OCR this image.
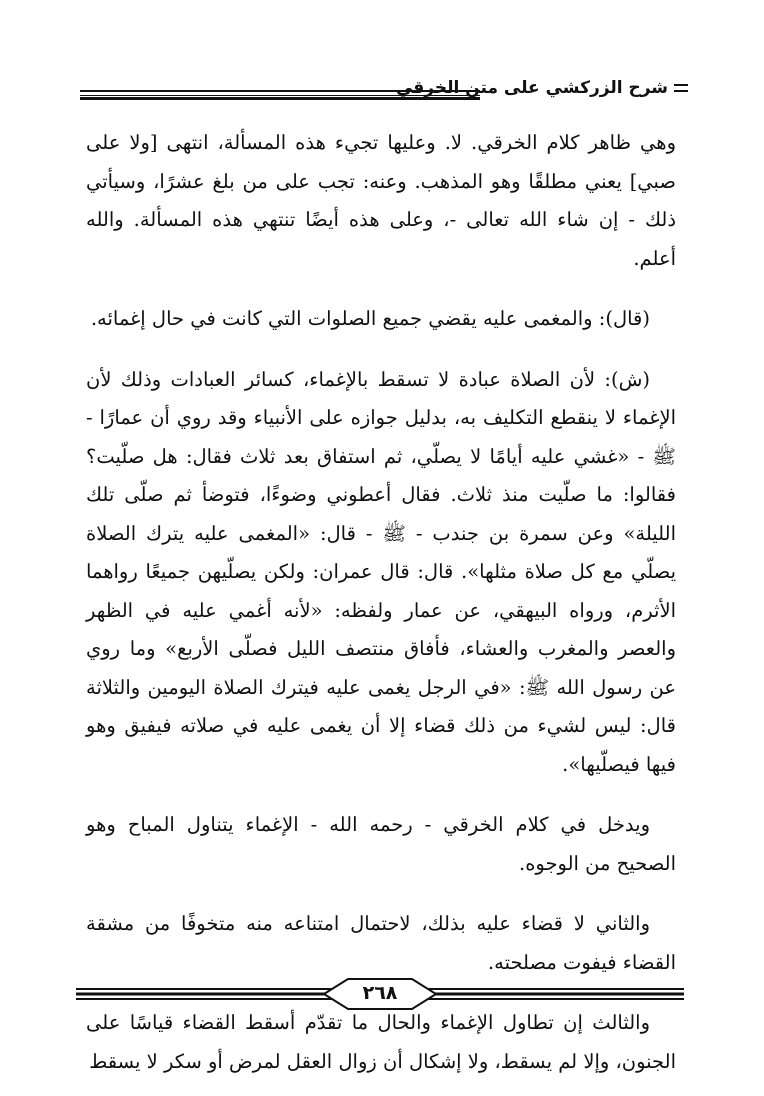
شرح الزركشي على متن الخرقي

وهي ظاهر كلام الخرقي. لا. وعليها تجيء هذه المسألة، انتهى [ولا على صبي] يعني مطلقًا وهو المذهب. وعنه: تجب على من بلغ عشرًا، وسيأتي ذلك - إن شاء الله تعالى -، وعلى هذه أيضًا تنتهي هذه المسألة. والله أعلم.

(قال): والمغمى عليه يقضي جميع الصلوات التي كانت في حال إغمائه.

(ش): لأن الصلاة عبادة لا تسقط بالإغماء، كسائر العبادات وذلك لأن الإغماء لا ينقطع التكليف به، بدليل جوازه على الأنبياء وقد روي أن عمارًا - ﷺ - «غشي عليه أيامًا لا يصلّي، ثم استفاق بعد ثلاث فقال: هل صلّيت؟ فقالوا: ما صلّيت منذ ثلاث. فقال أعطوني وضوءًا، فتوضأ ثم صلّى تلك الليلة» وعن سمرة بن جندب - ﷺ - قال: «المغمى عليه يترك الصلاة يصلّي مع كل صلاة مثلها». قال: قال عمران: ولكن يصلّيهن جميعًا رواهما الأثرم، ورواه البيهقي، عن عمار ولفظه: «لأنه أغمي عليه في الظهر والعصر والمغرب والعشاء، فأفاق منتصف الليل فصلّى الأربع» وما روي عن رسول الله ﷺ: «في الرجل يغمى عليه فيترك الصلاة اليومين والثلاثة قال: ليس لشيء من ذلك قضاء إلا أن يغمى عليه في صلاته فيفيق وهو فيها فيصلّيها».

ويدخل في كلام الخرقي - رحمه الله - الإغماء يتناول المباح وهو الصحيح من الوجوه.

والثاني لا قضاء عليه بذلك، لاحتمال امتناعه منه متخوفًا من مشقة القضاء فيفوت مصلحته.

والثالث إن تطاول الإغماء والحال ما تقدّم أسقط القضاء قياسًا على الجنون، وإلا لم يسقط، ولا إشكال أن زوال العقل لمرض أو سكر لا يسقط

٢٦٨
